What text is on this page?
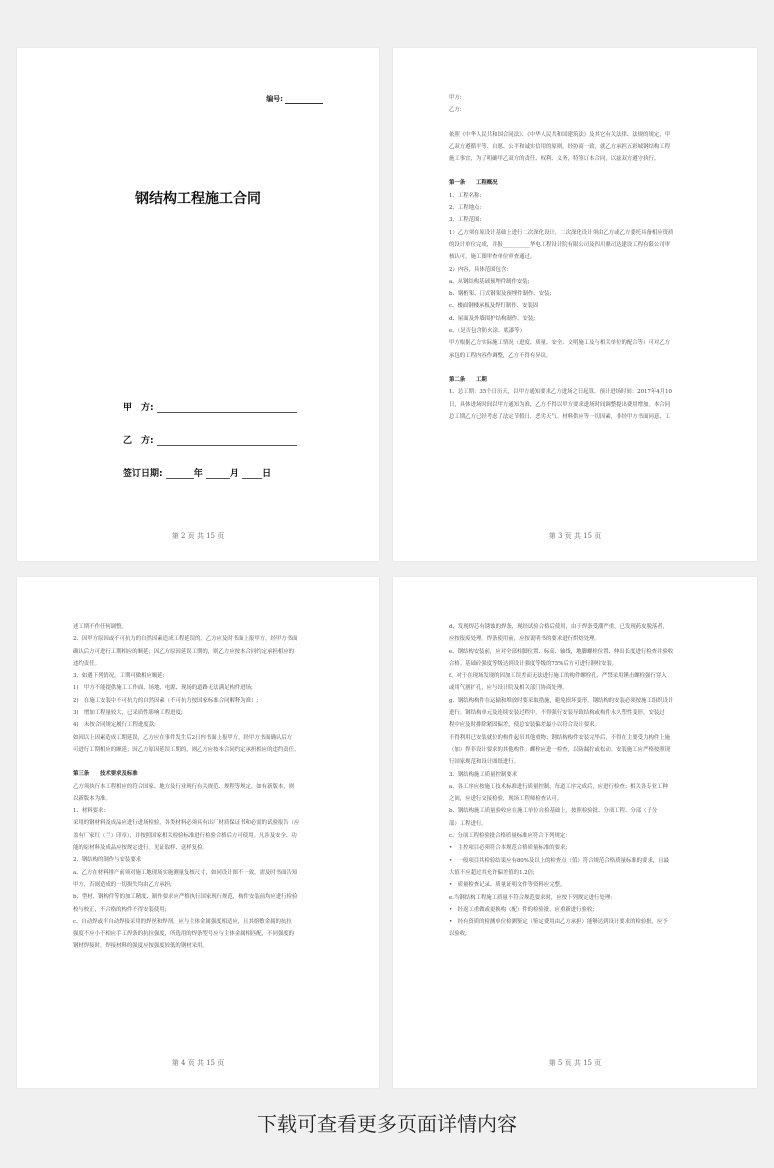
编号:
钢结构工程施工合同
甲　方:
乙　方:
签订日期:	年	月	日
第 2 页 共 15 页

甲方:

乙方:

依照《中华人民共和国合同法》、《中华人民共和国建筑法》及其它有关法律、法规的规定，甲

乙双方遵循平等、自愿、公平和诚实信用的原则，经协商一致，就乙方承担五彩城钢结构工程

施工事宜，为了明确甲乙双方的责任、权利、义务，特签订本合同，以兹双方遵守执行。

第一条　　工程概况

1、工程名称:

2、工程地点:

3、工程范围:

1）乙方须在原设计基础上进行二次深化设计，二次深化设计须由乙方或乙方委托具备相应资质

的设计单位完成，并报__________华电工程设计院有限公司及四川鼎司达建设工程有限公司审

核认可，施工图审查单位审查通过。

2）内容，具体范围包含:

a、从钢结构基础预埋件制作安装;

b、钢桁架、门式钢架及预埋件制作、安装;

c、楼面钢楼承板及焊钉制作、安装固

d、屋面及外墙围护结构制作、安装;

e、（是否包含防火涂、底漆等）

甲方根据乙方实际施工情况（进度、质量、安全、文明施工及与相关单位的配合等）可对乙方

承包的工程内容作调整，乙方不得有异议。

第二条　　工期

1、总工期：35个日历天，以甲方通知要求乙方进场之日起算，预计进场时间：2017年4月10

日，具体进场时间以甲方通知为准，乙方不得以甲方要求进场时间调整提出费用增加。本合同

总工期乙方已经考虑了法定节假日，恶劣天气、材料供应等一切因素，非经甲方书面同意，工

第 3 页 共 15 页

述工期不作任何调整。

2、因甲方原因或不可抗力的自然因素造成工程延误的，乙方应及时书面上报甲方，经甲方书面

确认后方可进行工期相应的顺延；因乙方原因延误工期的，则乙方应按本合同约定承担相应的

违约责任。

3、如遇下列情况，工期可做相应顺延:

1)　甲方不能提供施工工作面、场地、电源、现场的道路无法满足构件进场;

2)　在施工安装中不可抗力的自然因素（不可抗力按国家标准合同解释为准）;

3)　增加工程量较大，已采质性影响工程进度;

4)　未按合同规定履行工程进度款;

如因以上因素造成工期延误，乙方应在事件发生后2日内书面上报甲方，经甲方书面确认后方

可进行工期相应的顺延；因乙方原因延误工期的，则乙方应按本合同约定承担相应的违约责任。

第三条　　技术要求及标准

乙方须执行本工程相应的符合国家、地方及行业现行有关规范、规程等规定。如有新版本，则

以新版本为准。

1、材料要求:

采用的钢材料及成品应进行进场检验，各类材料必须具有出厂材质保证书和必需的试验报告（应

盖有厂家红（兰）印章），并按照国家相关检验标准进行检验合格后方可使用。凡涉及安全、功

能的原材料及成品应按规定进行。见证取样、送样复检。

2、钢结构的制作与安装要求

a、乙方在材料排产前须对施工地现场实施测量复核尺寸，如同设计图不一致，需及时书面告知

甲方，否则造成的一切损失均由乙方承担;

b、型材、钢构件等的加工精度、制作要求应严格执行国家现行规范，构件安装前均应进行检验

校与校正，不合格的构件不得安装使用;

c、自动焊或半自动焊接采用的焊丝和焊剂，应与主体金属强度相适应，且其熔敷金属的抗拉

强度不应小于相应手工焊条的抗拉强度，所选用的焊条型号应与主体金属相匹配，不同强度的

钢材焊接时，焊接材料的强度应按强度较低的钢材采用。

第 4 页 共 15 页

d、发现焊芯有锈蚀的焊条，现经试验合格后使用，由于焊条受潮严重，已发现药皮脱落者，

应按报废处理。焊条使用前，应按说明书的要求进行烘焙处理。

e、钢结构安装前，应对全部柱脚位置、标高、轴线，地脚螺栓位置、伸出长度进行检查并验收

合格。基础砼强度等级达到设计强度等级的75%后方可进行钢柱安装。

f、对于在现场发现的因加工误差而无法进行施工的构件螺栓孔，严禁采用锤击螺栓强行穿入

或用气割扩孔，应与设计院及相关部门协商处理。

g、钢结构构件在运输和堆放时要采取措施，避免损坏变形。钢结构的安装必须按施工组织设计

进行。钢结构单元及连续安装过程中，不得强行安装导致结构或构件永久塑性变形，安装过

程中应及时排除紧固偏差，使总安装偏差最小以符合设计要求。

不得利用已安装就位的构件起吊其他重物；钢结构构件安装完毕后，不得在主要受力构件上施

（加）焊非设计要求的其他构件。螺栓应进一检查，以防漏拧或松动。安装施工应严格按照现

行国家规范和设计图纸进行。

3、钢结构施工质量控制要求

a、各工序应按施工技术标准进行质量控制，每道工序完成后，应进行检查；相关各专业工种

之间，应进行交接检验，现场工程师检查认可。

b、钢结构施工质量验收应在施工单位自检基础上，按照检验批、分项工程、分部（子分

部）工程进行。

c、分项工程检验批合格质量标准应符合下列规定:

•　主控项目必须符合本规范合格质量标准的要求;

•　一般项目其检验结果应有80%及以上的检查点（值）符合规范合格质量标准的要求，且最

大值不应超过其允许偏差值的1.2倍;

•　质量检查记录、质量证明文件等资料应完整。

e.当钢结构工程施工质量不符合规范要求时，应按下列规定进行处理:

•　经返工重做或更换构（配）件的检验批，应重新进行验收;

•　经有资质的检测单位检测鉴定（鉴定费用由乙方承担）能够达到设计要求的检验批，应予

以验收;

第 5 页 共 15 页
下载可查看更多页面详情内容
